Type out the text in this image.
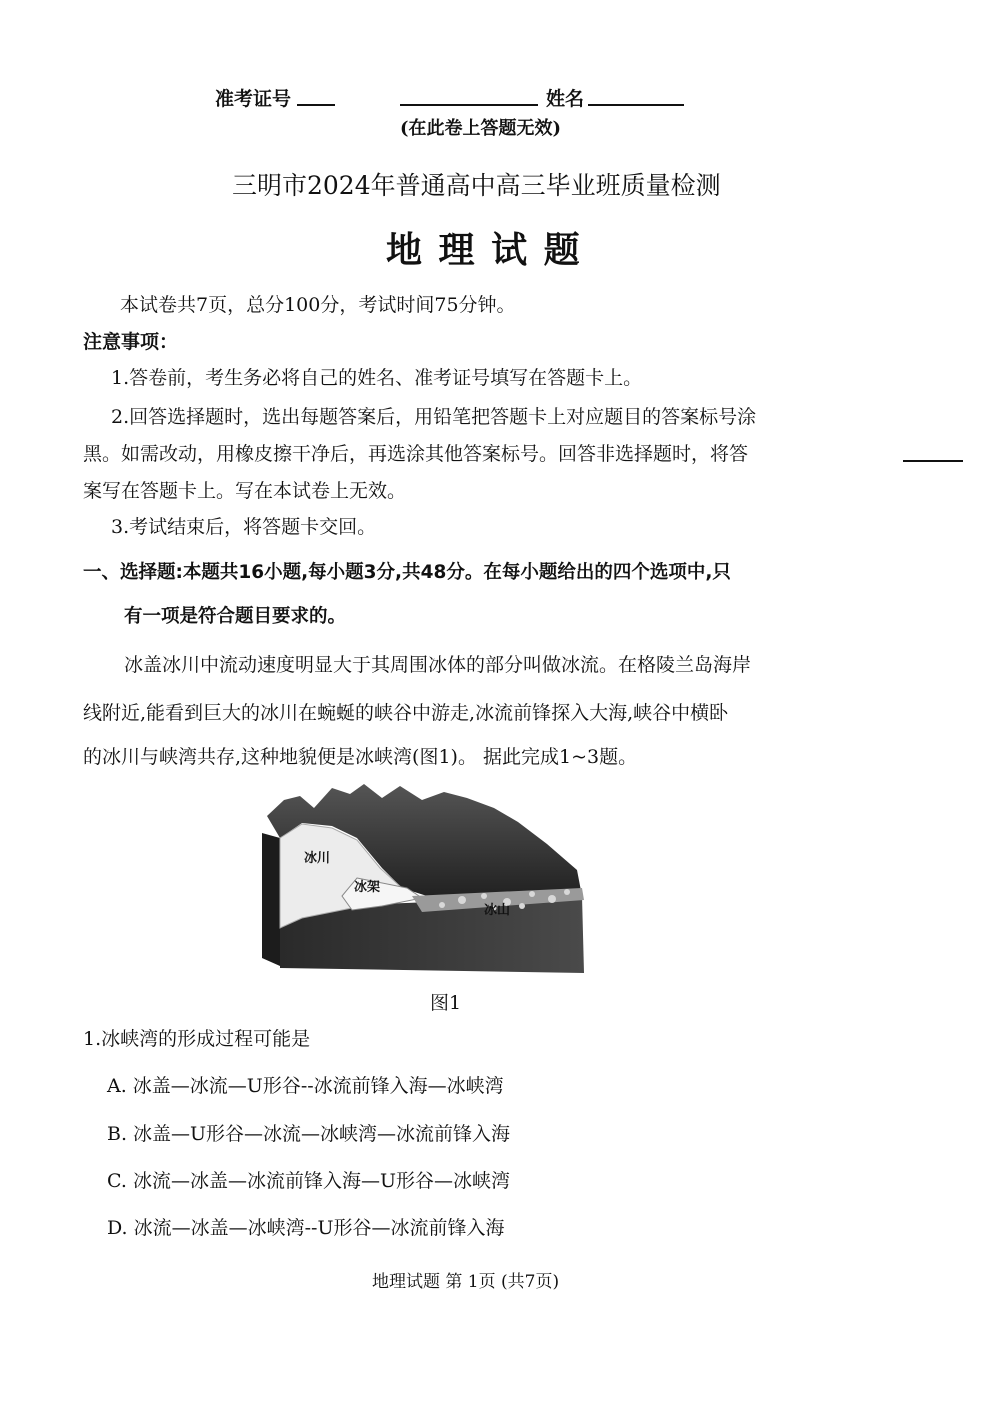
准考证号	姓名
(在此卷上答题无效)
三明市2024年普通高中高三毕业班质量检测
地 理 试 题
本试卷共7页，总分100分，考试时间75分钟。
注意事项：
1.答卷前，考生务必将自己的姓名、准考证号填写在答题卡上。
2.回答选择题时，选出每题答案后，用铅笔把答题卡上对应题目的答案标号涂
黑。如需改动，用橡皮擦干净后，再选涂其他答案标号。回答非选择题时，将答
案写在答题卡上。写在本试卷上无效。
3.考试结束后，将答题卡交回。
一、选择题:本题共16小题,每小题3分,共48分。在每小题给出的四个选项中,只
有一项是符合题目要求的。
冰盖冰川中流动速度明显大于其周围冰体的部分叫做冰流。在格陵兰岛海岸
线附近,能看到巨大的冰川在蜿蜒的峡谷中游走,冰流前锋探入大海,峡谷中横卧
的冰川与峡湾共存,这种地貌便是冰峡湾(图1)。 据此完成1~3题。
冰川
冰架
冰山
图1
1.冰峡湾的形成过程可能是
A. 冰盖—冰流—U形谷--冰流前锋入海—冰峡湾
B. 冰盖—U形谷—冰流—冰峡湾—冰流前锋入海
C. 冰流—冰盖—冰流前锋入海—U形谷—冰峡湾
D. 冰流—冰盖—冰峡湾--U形谷—冰流前锋入海
地理试题 第 1页 (共7页)
